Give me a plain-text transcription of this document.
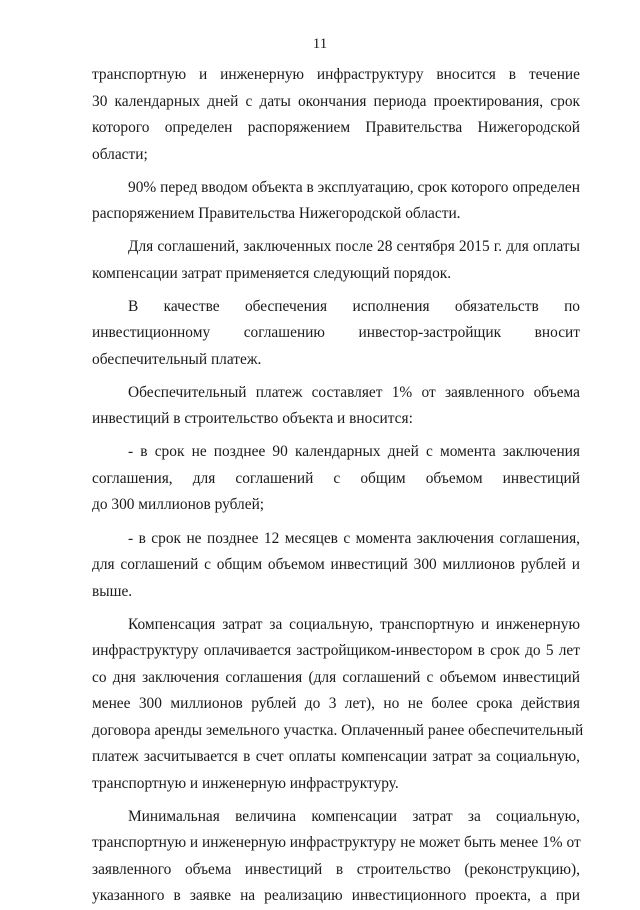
11
транспортную и инженерную инфраструктуру вносится в течение
30 календарных дней с даты окончания периода проектирования, срок
которого определен распоряжением Правительства Нижегородской
области;
90% перед вводом объекта в эксплуатацию, срок которого определен
распоряжением Правительства Нижегородской области.
Для соглашений, заключенных после 28 сентября 2015 г. для оплаты
компенсации затрат применяется следующий порядок.
В качестве обеспечения исполнения обязательств по
инвестиционному соглашению инвестор-застройщик вносит
обеспечительный платеж.
Обеспечительный платеж составляет 1% от заявленного объема
инвестиций в строительство объекта и вносится:
- в срок не позднее 90 календарных дней с момента заключения
соглашения, для соглашений с общим объемом инвестиций
до 300 миллионов рублей;
- в срок не позднее 12 месяцев с момента заключения соглашения,
для соглашений с общим объемом инвестиций 300 миллионов рублей и
выше.
Компенсация затрат за социальную, транспортную и инженерную
инфраструктуру оплачивается застройщиком-инвестором в срок до 5 лет
со дня заключения соглашения (для соглашений с объемом инвестиций
менее 300 миллионов рублей до 3 лет), но не более срока действия
договора аренды земельного участка. Оплаченный ранее обеспечительный
платеж засчитывается в счет оплаты компенсации затрат за социальную,
транспортную и инженерную инфраструктуру.
Минимальная величина компенсации затрат за социальную,
транспортную и инженерную инфраструктуру не может быть менее 1% от
заявленного объема инвестиций в строительство (реконструкцию),
указанного в заявке на реализацию инвестиционного проекта, а при
